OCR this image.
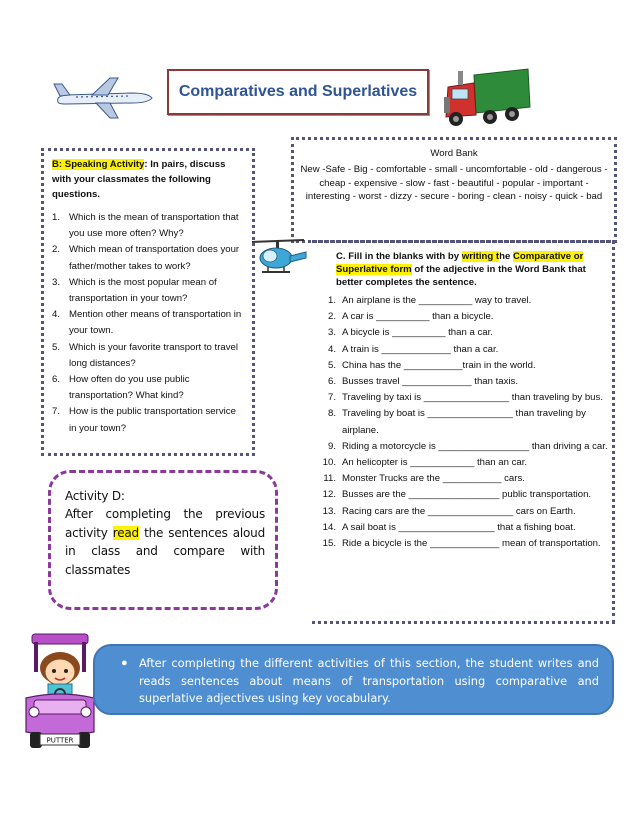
Comparatives and Superlatives
B: Speaking Activity: In pairs, discuss with your classmates the following questions.
1. Which is the mean of transportation that you use more often? Why?
2. Which mean of transportation does your father/mother takes to work?
3. Which is the most popular mean of transportation in your town?
4. Mention other means of transportation in your town.
5. Which is your favorite transport to travel long distances?
6. How often do you use public transportation? What kind?
7. How is the public transportation service in your town?
Word Bank
New -Safe - Big - comfortable - small - uncomfortable - old - dangerous - cheap - expensive - slow - fast - beautiful - popular - important - interesting - worst - dizzy - secure - boring - clean - noisy - quick - bad
C. Fill in the blanks with by writing the Comparative or Superlative form of the adjective in the Word Bank that better completes the sentence.
1. An airplane is the __________ way to travel.
2. A car is __________ than a bicycle.
3. A bicycle is __________ than a car.
4. A train is _____________ than a car.
5. China has the ___________train in the world.
6. Busses travel _____________ than taxis.
7. Traveling by taxi is ________________ than traveling by bus.
8. Traveling by boat is ________________ than traveling by airplane.
9. Riding a motorcycle is _________________ than driving a car.
10. An helicopter is ____________ than an car.
11. Monster Trucks are the ___________ cars.
12. Busses are the _________________ public transportation.
13. Racing cars are the ________________ cars on Earth.
14. A sail boat is __________________ that a fishing boat.
15. Ride a bicycle is the _____________ mean of transportation.
Activity D:
After completing the previous activity read the sentences aloud in class and compare with classmates
PUTTER
● After completing the different activities of this section, the student writes and reads sentences about means of transportation using comparative and superlative adjectives using key vocabulary.
